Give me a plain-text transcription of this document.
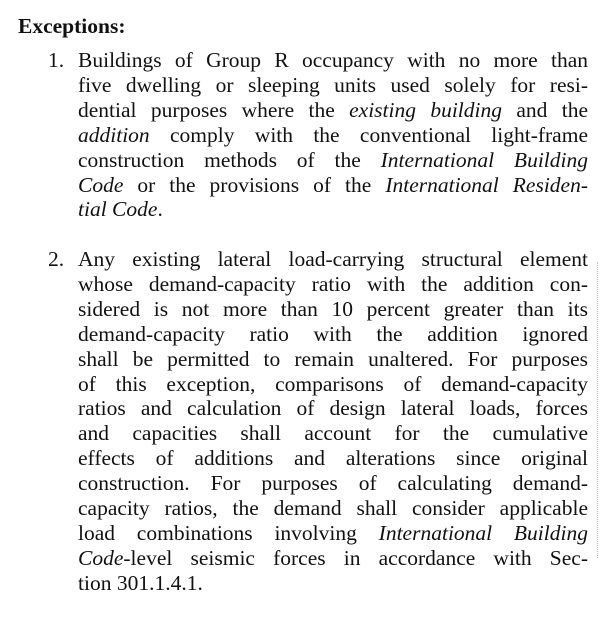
Exceptions:
1. Buildings of Group R occupancy with no more than
five dwelling or sleeping units used solely for resi-
dential purposes where the existing building and the
addition comply with the conventional light-frame
construction methods of the International Building
Code or the provisions of the International Residen-
tial Code.
2. Any existing lateral load-carrying structural element
whose demand-capacity ratio with the addition con-
sidered is not more than 10 percent greater than its
demand-capacity ratio with the addition ignored
shall be permitted to remain unaltered. For purposes
of this exception, comparisons of demand-capacity
ratios and calculation of design lateral loads, forces
and capacities shall account for the cumulative
effects of additions and alterations since original
construction. For purposes of calculating demand-
capacity ratios, the demand shall consider applicable
load combinations involving International Building
Code-level seismic forces in accordance with Sec-
tion 301.1.4.1.
